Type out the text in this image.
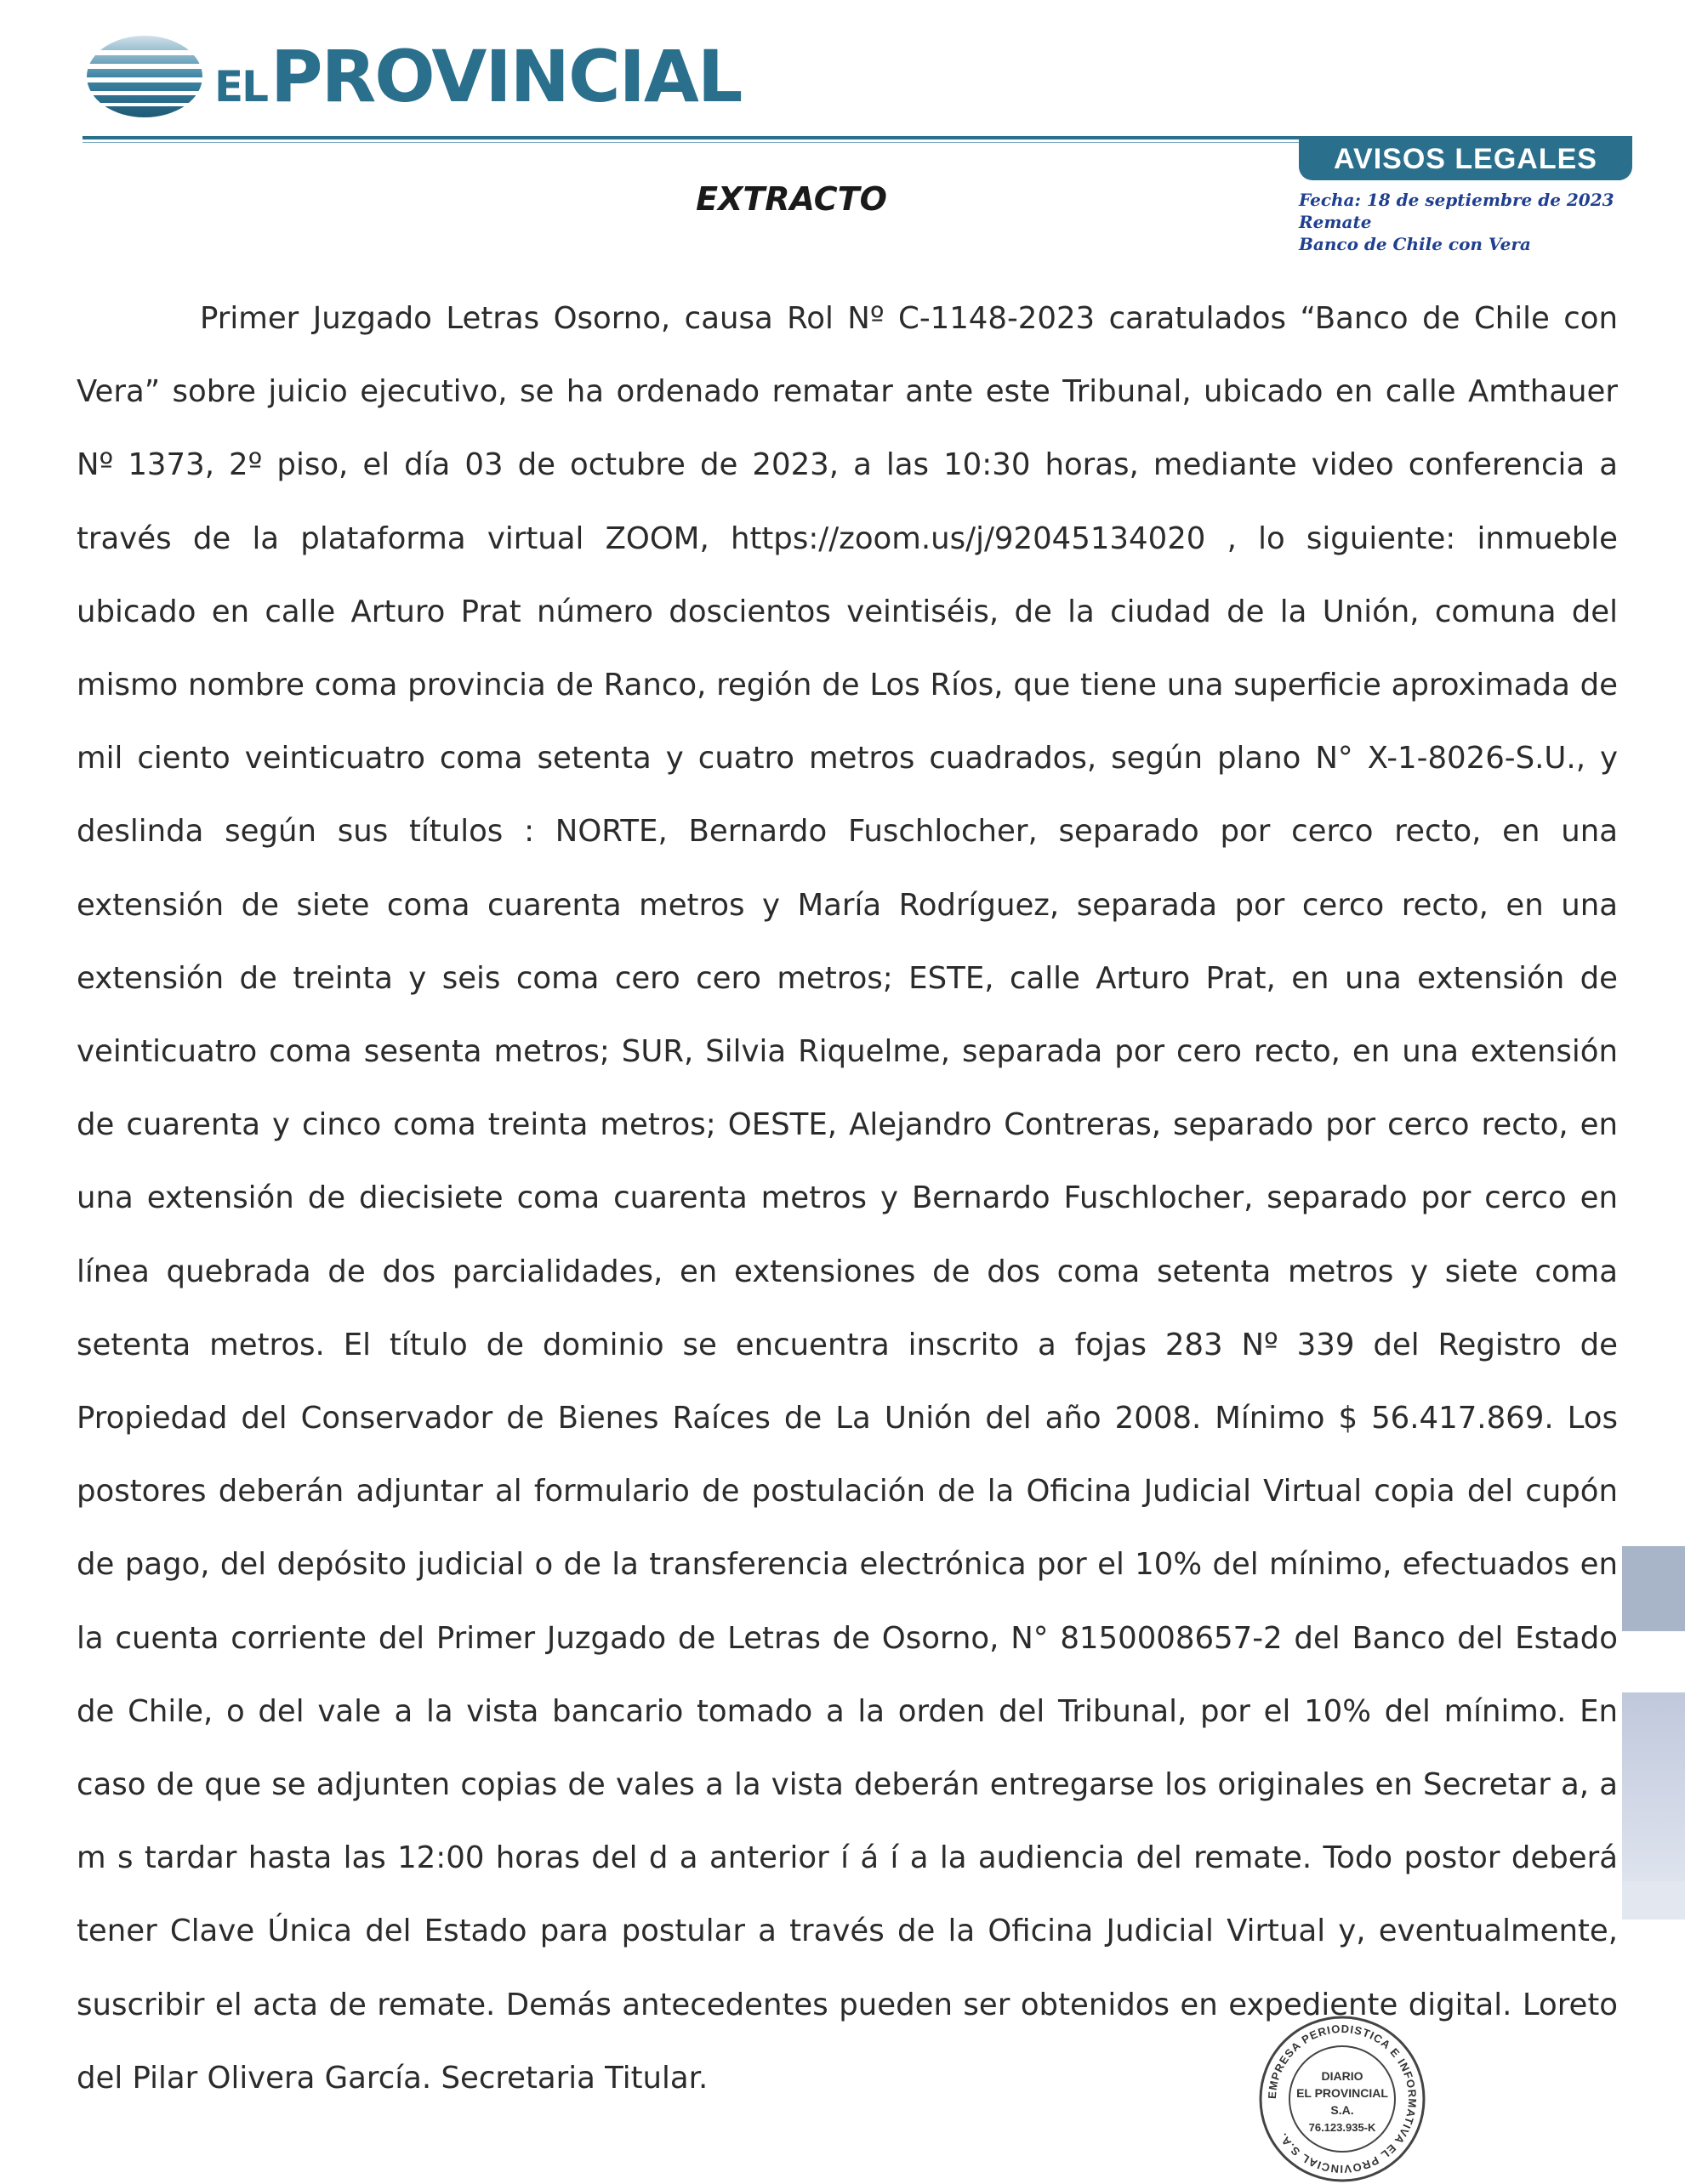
EL PROVINCIAL
AVISOS LEGALES
Fecha: 18 de septiembre de 2023
Remate
Banco de Chile con Vera
EXTRACTO

Primer Juzgado Letras Osorno, causa Rol Nº C-1148-2023 caratulados “Banco de Chile con Vera” sobre juicio ejecutivo, se ha ordenado rematar ante este Tribunal, ubicado en calle Amthauer Nº 1373, 2º piso, el día 03 de octubre de 2023, a las 10:30 horas, mediante video conferencia a través de la plataforma virtual ZOOM, https://zoom.us/j/92045134020 , lo siguiente: inmueble ubicado en calle Arturo Prat número doscientos veintiséis, de la ciudad de la Unión, comuna del mismo nombre coma provincia de Ranco, región de Los Ríos, que tiene una superficie aproximada de mil ciento veinticuatro coma setenta y cuatro metros cuadrados, según plano N° X-1-8026-S.U., y deslinda según sus títulos : NORTE, Bernardo Fuschlocher, separado por cerco recto, en una extensión de siete coma cuarenta metros y María Rodríguez, separada por cerco recto, en una extensión de treinta y seis coma cero cero metros; ESTE, calle Arturo Prat, en una extensión de veinticuatro coma sesenta metros; SUR, Silvia Riquelme, separada por cero recto, en una extensión de cuarenta y cinco coma treinta metros; OESTE, Alejandro Contreras, separado por cerco recto, en una extensión de diecisiete coma cuarenta metros y Bernardo Fuschlocher, separado por cerco en línea quebrada de dos parcialidades, en extensiones de dos coma setenta metros y siete coma setenta metros. El título de dominio se encuentra inscrito a fojas 283 Nº 339 del Registro de Propiedad del Conservador de Bienes Raíces de La Unión del año 2008. Mínimo $ 56.417.869. Los postores deberán adjuntar al formulario de postulación de la Oficina Judicial Virtual copia del cupón de pago, del depósito judicial o de la transferencia electrónica por el 10% del mínimo, efectuados en la cuenta corriente del Primer Juzgado de Letras de Osorno, N° 8150008657-2 del Banco del Estado de Chile, o del vale a la vista bancario tomado a la orden del Tribunal, por el 10% del mínimo. En caso de que se adjunten copias de vales a la vista deberán entregarse los originales en Secretar a, a m s tardar hasta las 12:00 horas del d a anterior í á í a la audiencia del remate. Todo postor deberá tener Clave Única del Estado para postular a través de la Oficina Judicial Virtual y, eventualmente, suscribir el acta de remate. Demás antecedentes pueden ser obtenidos en expediente digital. Loreto del Pilar Olivera García. Secretaria Titular.	EMPRESA PERIODISTICA E INFORMATIVA EL PROVINCIAL S.A.
DIARIO
EL PROVINCIAL
S.A.
76.123.935-K
